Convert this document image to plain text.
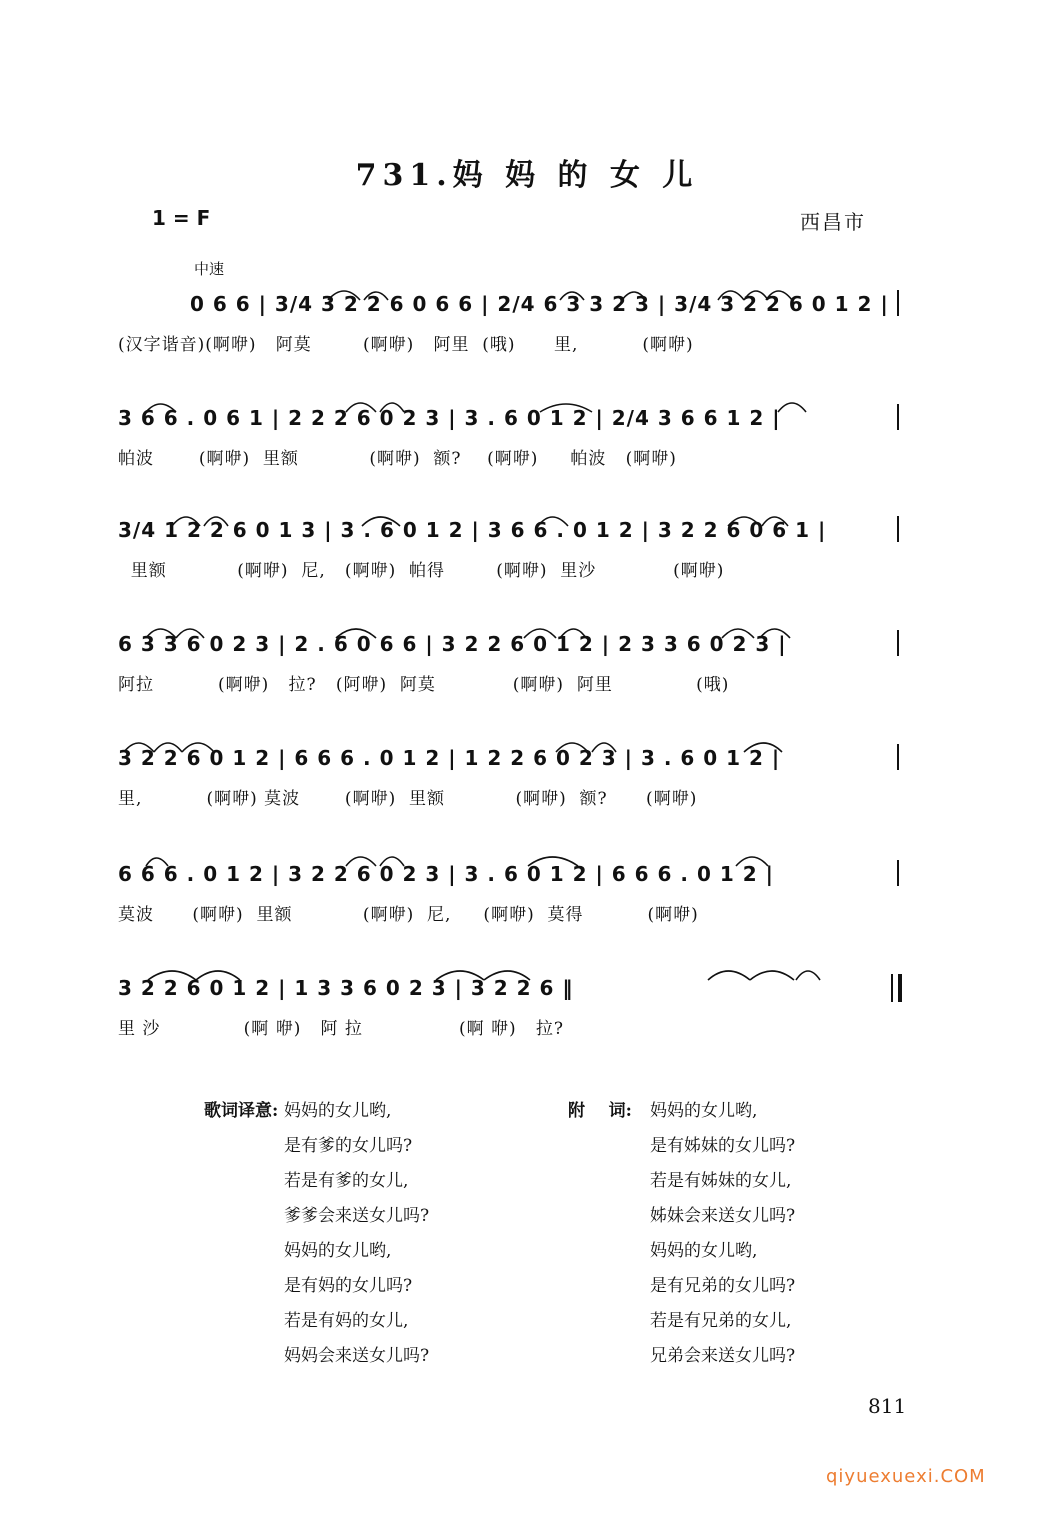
731.妈 妈 的 女 儿
1 = F	西昌市
中速
0 6 6 | 3/4 3 2 2 6 0 6 6 | 2/4 6 3 3 2 3 | 3/4 3 2 2 6 0 1 2 |
(汉字谐音)(啊咿)   阿莫        (啊咿)   阿里  (哦)      里,          (啊咿)
3 6 6 . 0 6 1 | 2 2 2 6 0 2 3 | 3 . 6 0 1 2 | 2/4 3 6 6 1 2 |
帕波       (啊咿)  里额           (啊咿)  额?    (啊咿)     帕波   (啊咿)
3/4 1 2 2 6 0 1 3 | 3 . 6 0 1 2 | 3 6 6 . 0 1 2 | 3 2 2 6 0 6 1 |
里额           (啊咿)  尼,   (啊咿)  帕得        (啊咿)  里沙            (啊咿)
6 3 3 6 0 2 3 | 2 . 6 0 6 6 | 3 2 2 6 0 1 2 | 2 3 3 6 0 2 3 |
阿拉          (啊咿)   拉?   (阿咿)  阿莫            (啊咿)  阿里             (哦)
3 2 2 6 0 1 2 | 6 6 6 . 0 1 2 | 1 2 2 6 0 2 3 | 3 . 6 0 1 2 |
里,          (啊咿) 莫波       (啊咿)  里额           (啊咿)  额?      (啊咿)
6 6 6 . 0 1 2 | 3 2 2 6 0 2 3 | 3 . 6 0 1 2 | 6 6 6 . 0 1 2 |
莫波      (啊咿)  里额           (啊咿)  尼,     (啊咿)  莫得          (啊咿)
3 2 2 6 0 1 2 | 1 3 3 6 0 2 3 | 3 2 2 6 ‖
里 沙             (啊 咿)   阿 拉               (啊 咿)   拉?
歌词译意: 妈妈的女儿哟,
是有爹的女儿吗?
若是有爹的女儿,
爹爹会来送女儿吗?
妈妈的女儿哟,
是有妈的女儿吗?
若是有妈的女儿,
妈妈会来送女儿吗?
附    词: 妈妈的女儿哟,
是有姊妹的女儿吗?
若是有姊妹的女儿,
姊妹会来送女儿吗?
妈妈的女儿哟,
是有兄弟的女儿吗?
若是有兄弟的女儿,
兄弟会来送女儿吗?
811
qiyuexuexi.COM
